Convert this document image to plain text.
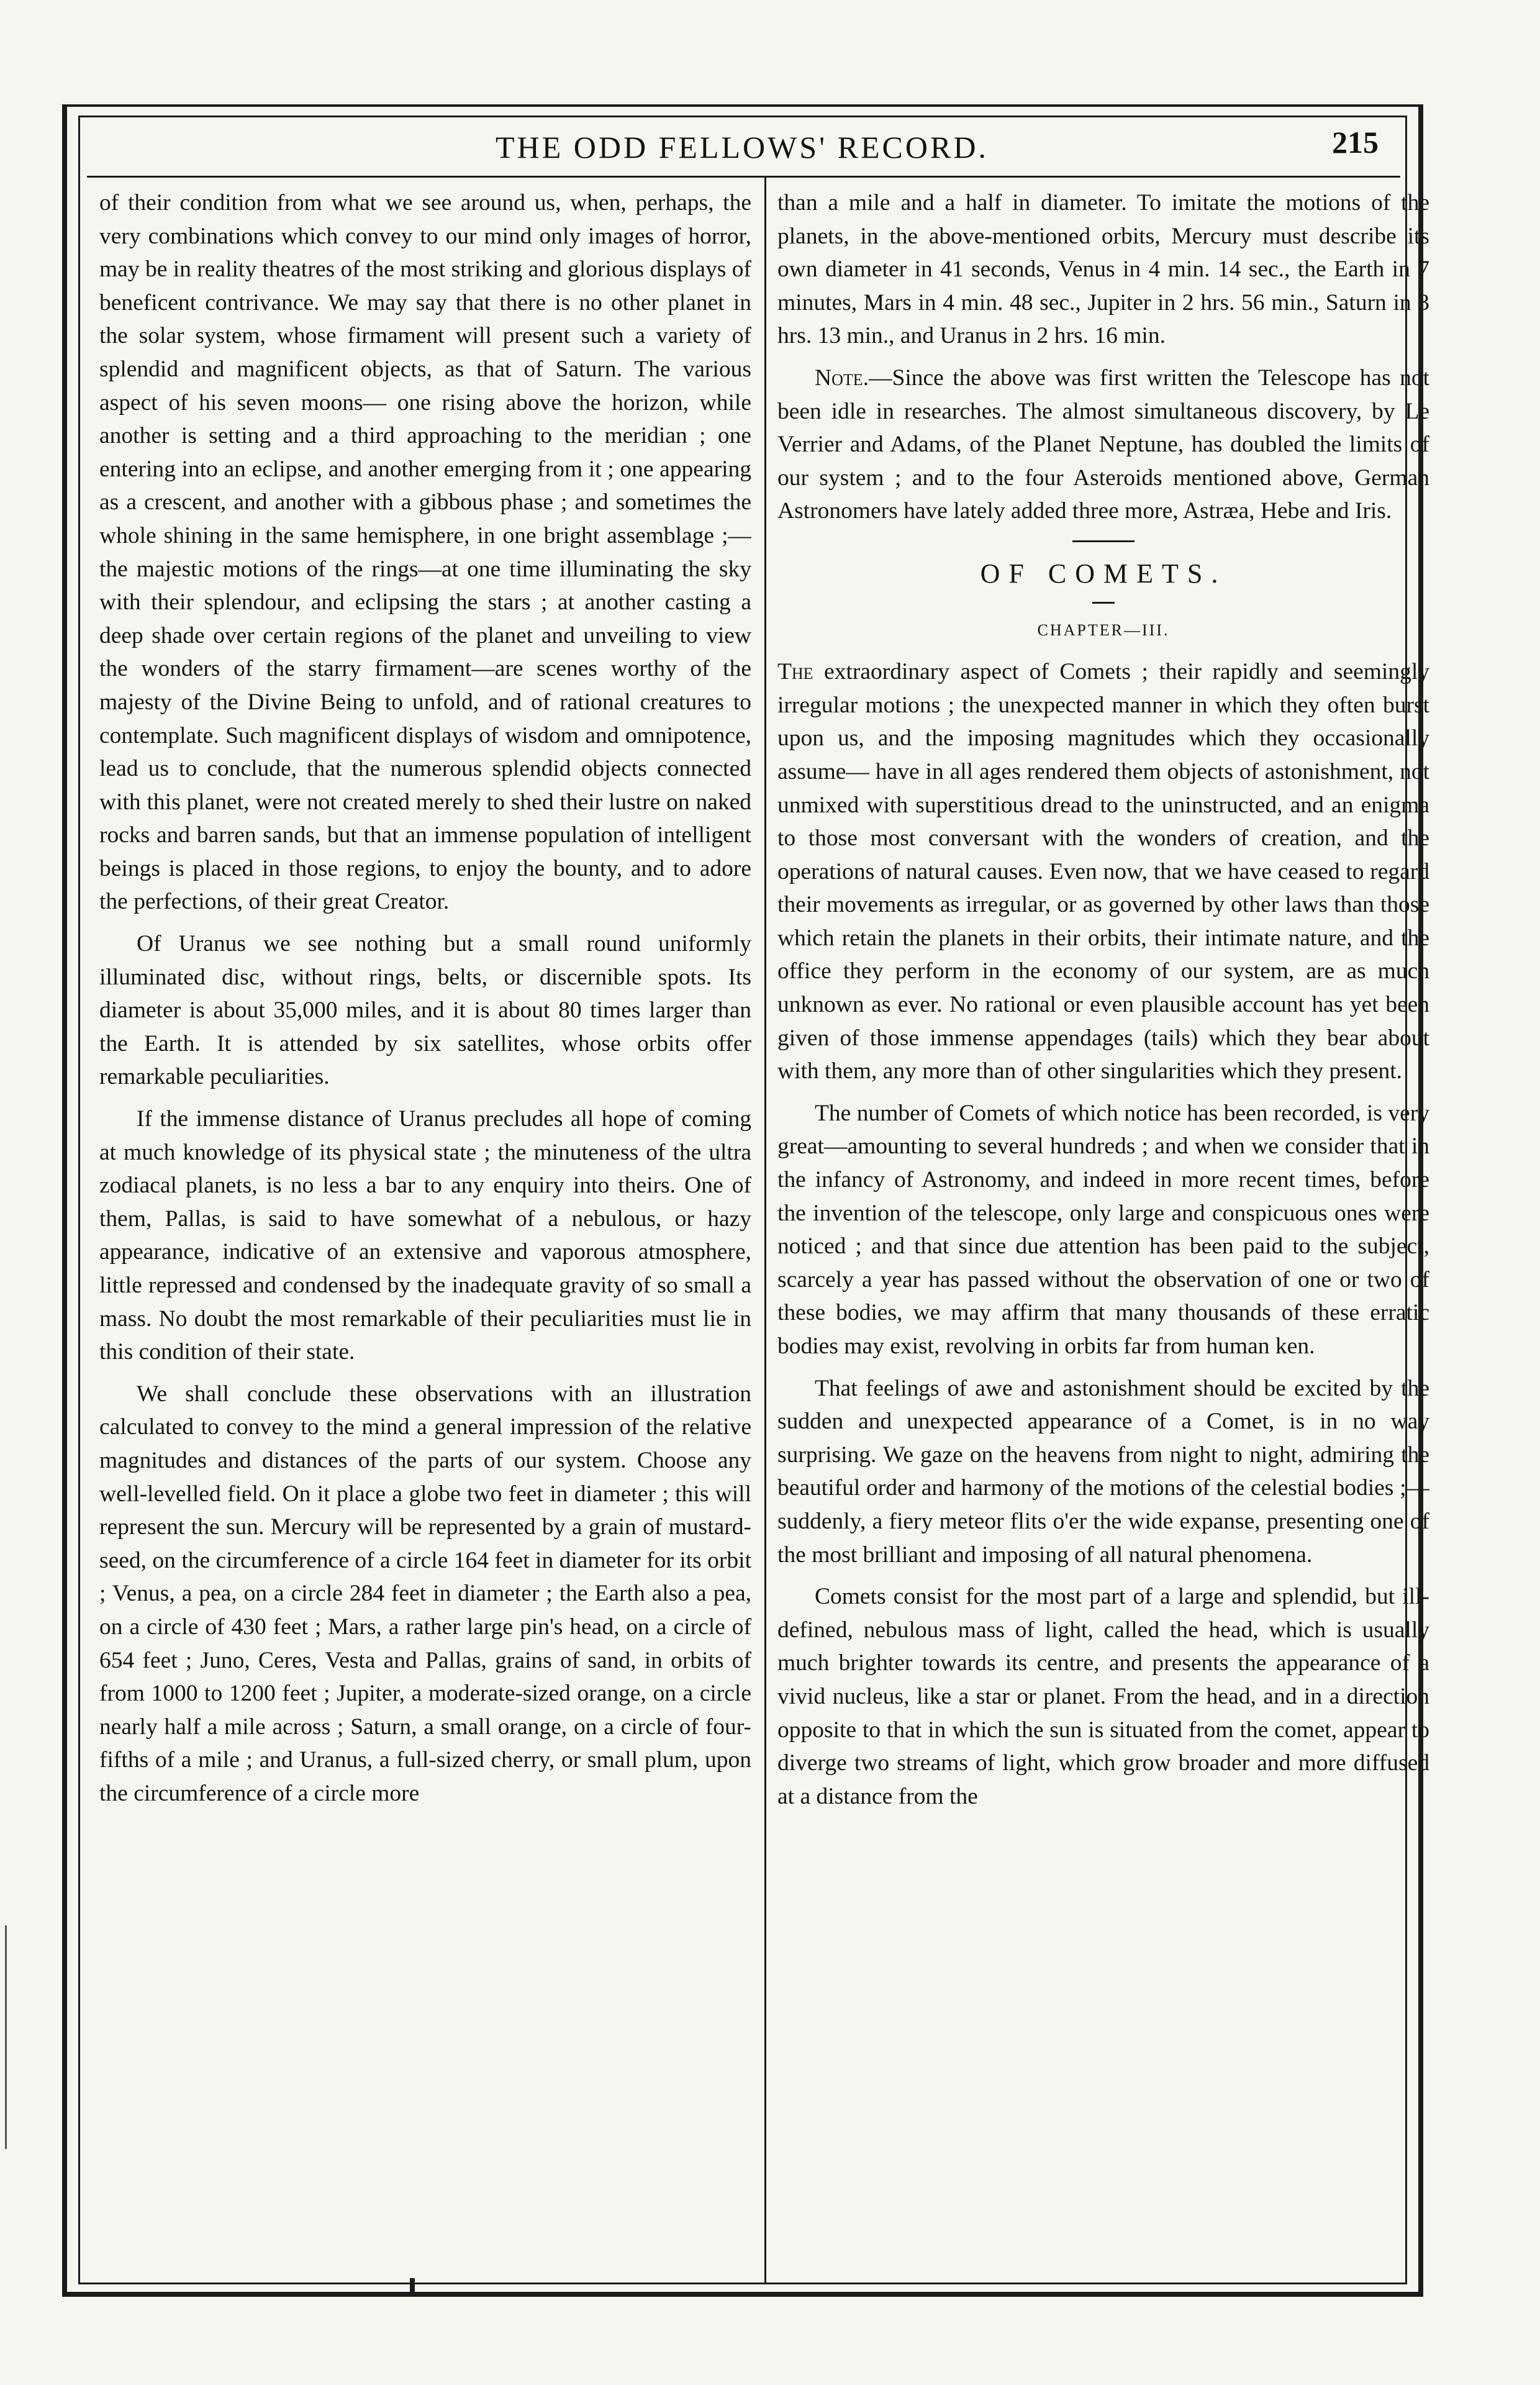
THE ODD FELLOWS' RECORD.	215

of their condition from what we see around us, when, perhaps, the very combinations which convey to our mind only images of horror, may be in reality theatres of the most striking and glorious displays of beneficent contrivance. We may say that there is no other planet in the solar system, whose firmament will present such a variety of splendid and magnificent objects, as that of Saturn. The various aspect of his seven moons— one rising above the horizon, while another is setting and a third approaching to the meridian ; one entering into an eclipse, and another emerging from it ; one appearing as a crescent, and another with a gibbous phase ; and sometimes the whole shining in the same hemisphere, in one bright assemblage ;—the majestic motions of the rings—at one time illuminating the sky with their splendour, and eclipsing the stars ; at another casting a deep shade over certain regions of the planet and unveiling to view the wonders of the starry firmament—are scenes worthy of the majesty of the Divine Being to unfold, and of rational creatures to contemplate. Such magnificent displays of wisdom and omnipotence, lead us to conclude, that the numerous splendid objects connected with this planet, were not created merely to shed their lustre on naked rocks and barren sands, but that an immense population of intelligent beings is placed in those regions, to enjoy the bounty, and to adore the perfections, of their great Creator.

Of Uranus we see nothing but a small round uniformly illuminated disc, without rings, belts, or discernible spots. Its diameter is about 35,000 miles, and it is about 80 times larger than the Earth. It is attended by six satellites, whose orbits offer remarkable peculiarities.

If the immense distance of Uranus precludes all hope of coming at much knowledge of its physical state ; the minuteness of the ultra zodiacal planets, is no less a bar to any enquiry into theirs. One of them, Pallas, is said to have somewhat of a nebulous, or hazy appearance, indicative of an extensive and vaporous atmosphere, little repressed and condensed by the inadequate gravity of so small a mass. No doubt the most remarkable of their peculiarities must lie in this condition of their state.

We shall conclude these observations with an illustration calculated to convey to the mind a general impression of the relative magnitudes and distances of the parts of our system. Choose any well-levelled field. On it place a globe two feet in diameter ; this will represent the sun. Mercury will be represented by a grain of mustard-seed, on the circumference of a circle 164 feet in diameter for its orbit ; Venus, a pea, on a circle 284 feet in diameter ; the Earth also a pea, on a circle of 430 feet ; Mars, a rather large pin's head, on a circle of 654 feet ; Juno, Ceres, Vesta and Pallas, grains of sand, in orbits of from 1000 to 1200 feet ; Jupiter, a moderate-sized orange, on a circle nearly half a mile across ; Saturn, a small orange, on a circle of four-fifths of a mile ; and Uranus, a full-sized cherry, or small plum, upon the circumference of a circle more

than a mile and a half in diameter. To imitate the motions of the planets, in the above-mentioned orbits, Mercury must describe its own diameter in 41 seconds, Venus in 4 min. 14 sec., the Earth in 7 minutes, Mars in 4 min. 48 sec., Jupiter in 2 hrs. 56 min., Saturn in 3 hrs. 13 min., and Uranus in 2 hrs. 16 min.

Note.—Since the above was first written the Telescope has not been idle in researches. The almost simultaneous discovery, by Le Verrier and Adams, of the Planet Neptune, has doubled the limits of our system ; and to the four Asteroids mentioned above, German Astronomers have lately added three more, Astræa, Hebe and Iris.

OF COMETS.
CHAPTER—III.

The extraordinary aspect of Comets ; their rapidly and seemingly irregular motions ; the unexpected manner in which they often burst upon us, and the imposing magnitudes which they occasionally assume— have in all ages rendered them objects of astonishment, not unmixed with superstitious dread to the uninstructed, and an enigma to those most conversant with the wonders of creation, and the operations of natural causes. Even now, that we have ceased to regard their movements as irregular, or as governed by other laws than those which retain the planets in their orbits, their intimate nature, and the office they perform in the economy of our system, are as much unknown as ever. No rational or even plausible account has yet been given of those immense appendages (tails) which they bear about with them, any more than of other singularities which they present.

The number of Comets of which notice has been recorded, is very great—amounting to several hundreds ; and when we consider that in the infancy of Astronomy, and indeed in more recent times, before the invention of the telescope, only large and conspicuous ones were noticed ; and that since due attention has been paid to the subject, scarcely a year has passed without the observation of one or two of these bodies, we may affirm that many thousands of these erratic bodies may exist, revolving in orbits far from human ken.

That feelings of awe and astonishment should be excited by the sudden and unexpected appearance of a Comet, is in no way surprising. We gaze on the heavens from night to night, admiring the beautiful order and harmony of the motions of the celestial bodies ;—suddenly, a fiery meteor flits o'er the wide expanse, presenting one of the most brilliant and imposing of all natural phenomena.

Comets consist for the most part of a large and splendid, but ill-defined, nebulous mass of light, called the head, which is usually much brighter towards its centre, and presents the appearance of a vivid nucleus, like a star or planet. From the head, and in a direction opposite to that in which the sun is situated from the comet, appear to diverge two streams of light, which grow broader and more diffused at a distance from the
